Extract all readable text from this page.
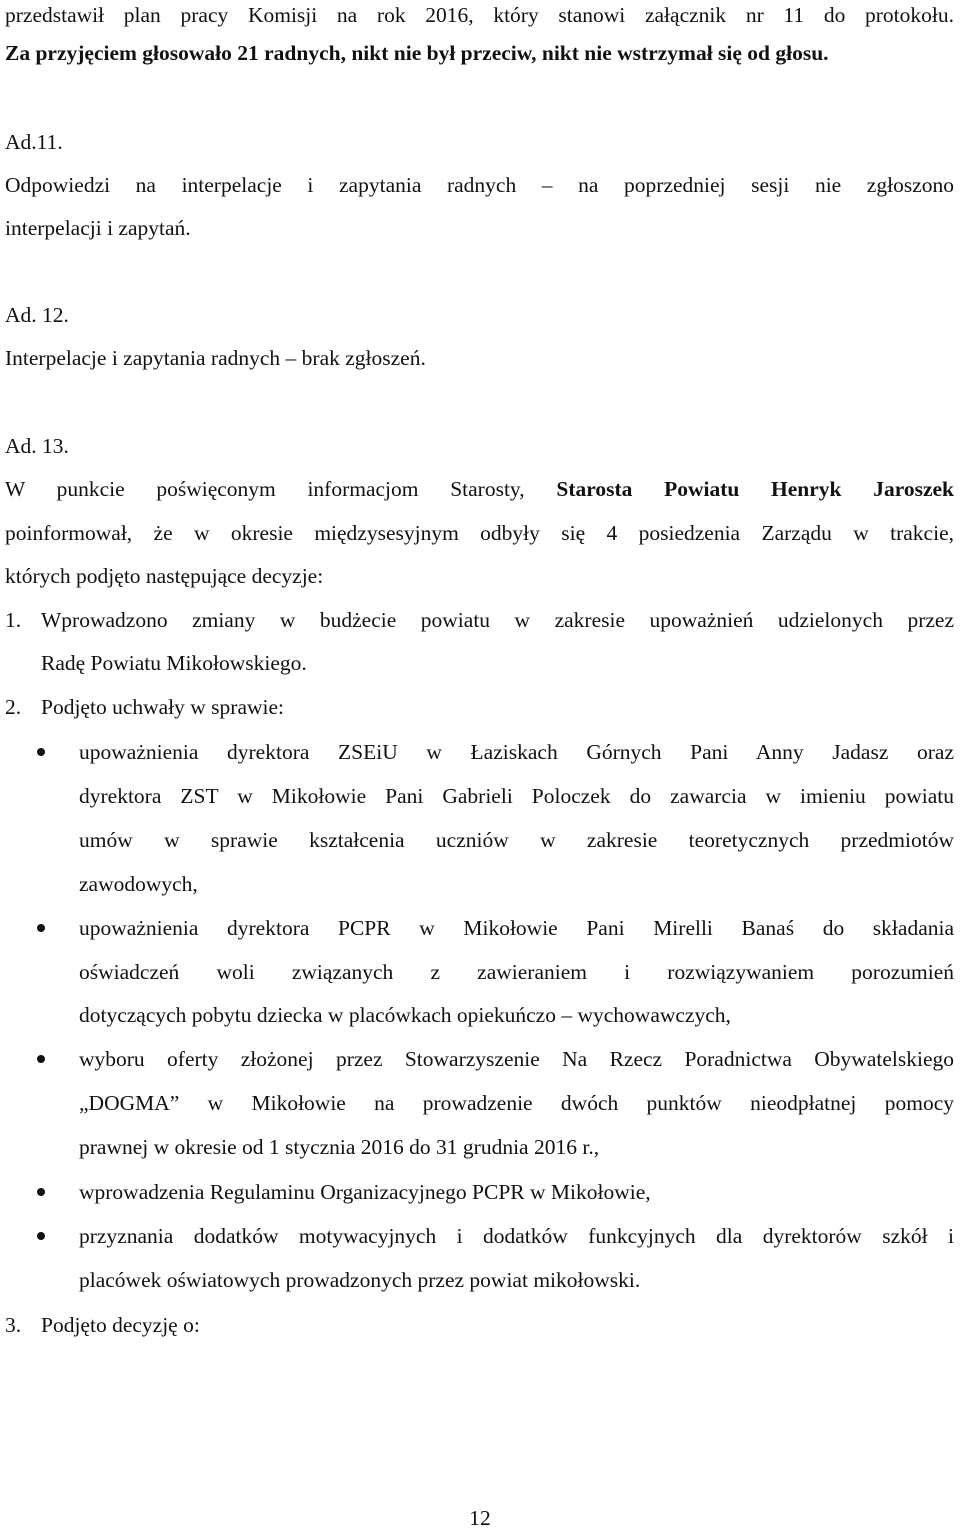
przedstawił plan pracy Komisji na rok 2016, który stanowi załącznik nr 11 do protokołu.
Za przyjęciem głosowało 21 radnych, nikt nie był przeciw, nikt nie wstrzymał się od głosu.
Ad.11.
Odpowiedzi na interpelacje i zapytania radnych – na poprzedniej sesji nie zgłoszono
interpelacji i zapytań.
Ad. 12.
Interpelacje i zapytania radnych – brak zgłoszeń.
Ad. 13.
W punkcie poświęconym informacjom Starosty, Starosta Powiatu Henryk Jaroszek
poinformował, że w okresie międzysesyjnym odbyły się 4 posiedzenia Zarządu w trakcie,
których podjęto następujące decyzje:
1. Wprowadzono zmiany w budżecie powiatu w zakresie upoważnień udzielonych przez
Radę Powiatu Mikołowskiego.
2. Podjęto uchwały w sprawie:
upoważnienia dyrektora ZSEiU w Łaziskach Górnych Pani Anny Jadasz oraz
dyrektora ZST w Mikołowie Pani Gabrieli Poloczek do zawarcia w imieniu powiatu
umów w sprawie kształcenia uczniów w zakresie teoretycznych przedmiotów
zawodowych,
upoważnienia dyrektora PCPR w Mikołowie Pani Mirelli Banaś do składania
oświadczeń woli związanych z zawieraniem i rozwiązywaniem porozumień
dotyczących pobytu dziecka w placówkach opiekuńczo – wychowawczych,
wyboru oferty złożonej przez Stowarzyszenie Na Rzecz Poradnictwa Obywatelskiego
„DOGMA” w Mikołowie na prowadzenie dwóch punktów nieodpłatnej pomocy
prawnej w okresie od 1 stycznia 2016 do 31 grudnia 2016 r.,
wprowadzenia Regulaminu Organizacyjnego PCPR w Mikołowie,
przyznania dodatków motywacyjnych i dodatków funkcyjnych dla dyrektorów szkół i
placówek oświatowych prowadzonych przez powiat mikołowski.
3. Podjęto decyzję o:
12
